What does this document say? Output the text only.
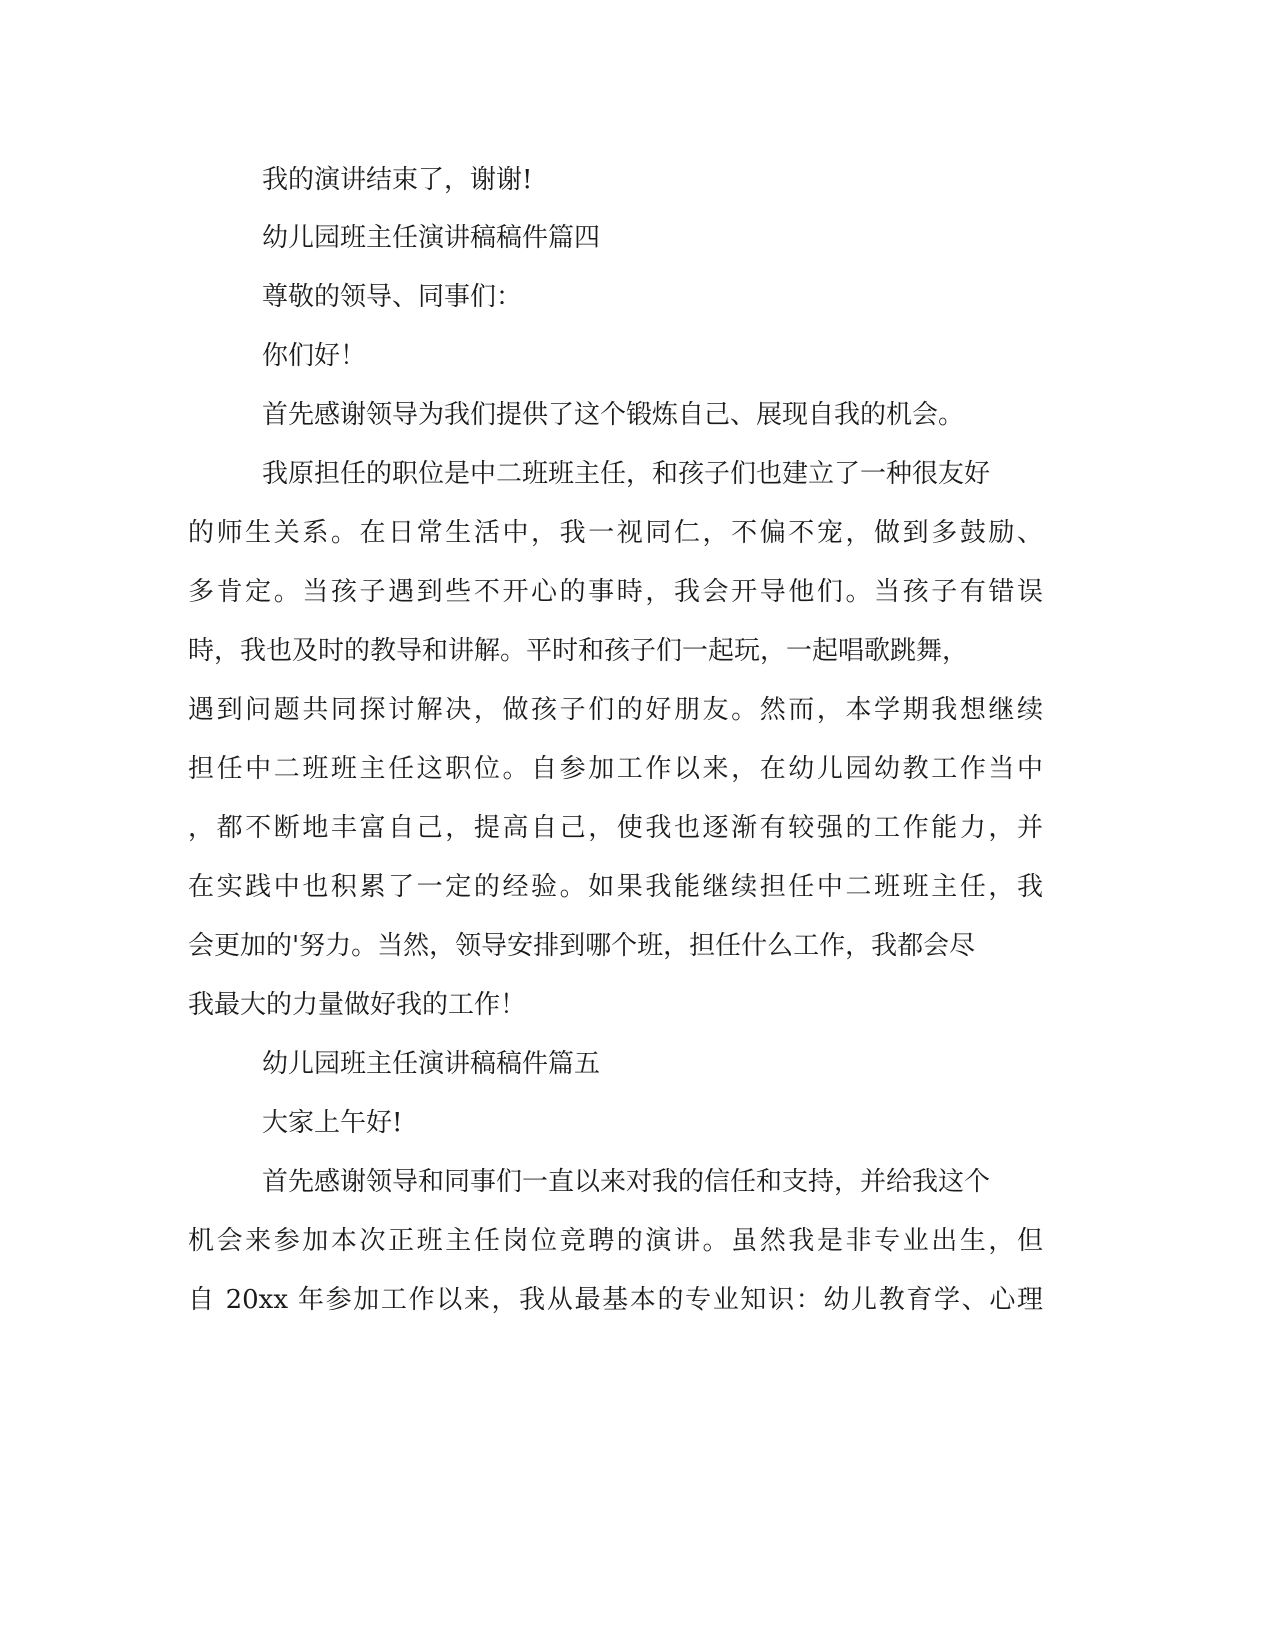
我的演讲结束了，谢谢!
幼儿园班主任演讲稿稿件篇四
尊敬的领导、同事们：
你们好！
首先感谢领导为我们提供了这个锻炼自己、展现自我的机会。
我原担任的职位是中二班班主任，和孩子们也建立了一种很友好
的师生关系。在日常生活中，我一视同仁，不偏不宠，做到多鼓励、
多肯定。当孩子遇到些不开心的事時，我会开导他们。当孩子有错误
時，我也及时的教导和讲解。平时和孩子们一起玩，一起唱歌跳舞，
遇到问题共同探讨解决，做孩子们的好朋友。然而，本学期我想继续
担任中二班班主任这职位。自参加工作以来，在幼儿园幼教工作当中
，都不断地丰富自己，提高自己，使我也逐渐有较强的工作能力，并
在实践中也积累了一定的经验。如果我能继续担任中二班班主任，我
会更加的'努力。当然，领导安排到哪个班，担任什么工作，我都会尽
我最大的力量做好我的工作！
幼儿园班主任演讲稿稿件篇五
大家上午好!
首先感谢领导和同事们一直以来对我的信任和支持，并给我这个
机会来参加本次正班主任岗位竞聘的演讲。虽然我是非专业出生，但
自 20xx 年参加工作以来，我从最基本的专业知识：幼儿教育学、心理
